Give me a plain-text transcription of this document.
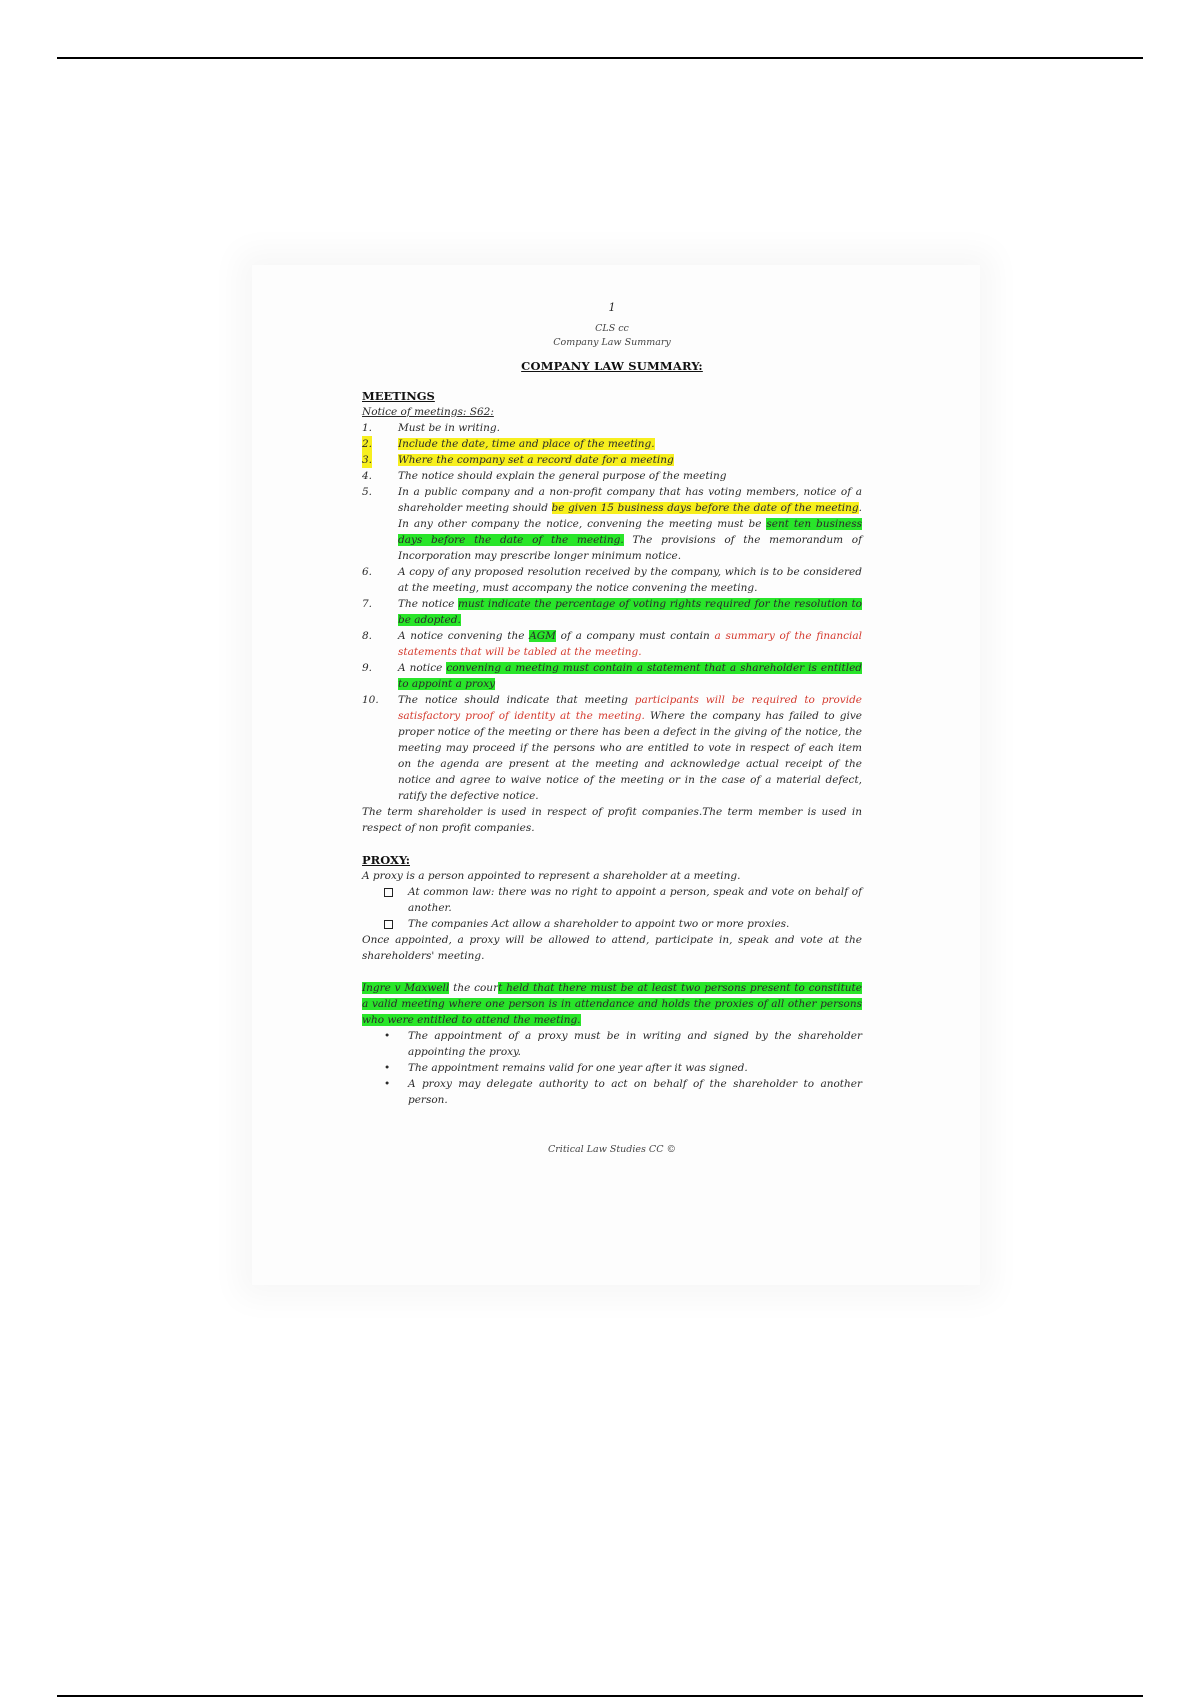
1
CLS cc
Company Law Summary
COMPANY LAW SUMMARY:
MEETINGS
Notice of meetings: S62:
1. Must be in writing.
2. Include the date, time and place of the meeting.
3. Where the company set a record date for a meeting
4. The notice should explain the general purpose of the meeting
5. In a public company and a non-profit company that has voting members, notice of a shareholder meeting should be given 15 business days before the date of the meeting. In any other company the notice, convening the meeting must be sent ten business days before the date of the meeting. The provisions of the memorandum of Incorporation may prescribe longer minimum notice.
6. A copy of any proposed resolution received by the company, which is to be considered at the meeting, must accompany the notice convening the meeting.
7. The notice must indicate the percentage of voting rights required for the resolution to be adopted.
8. A notice convening the AGM of a company must contain a summary of the financial statements that will be tabled at the meeting.
9. A notice convening a meeting must contain a statement that a shareholder is entitled to appoint a proxy
10. The notice should indicate that meeting participants will be required to provide satisfactory proof of identity at the meeting. Where the company has failed to give proper notice of the meeting or there has been a defect in the giving of the notice, the meeting may proceed if the persons who are entitled to vote in respect of each item on the agenda are present at the meeting and acknowledge actual receipt of the notice and agree to waive notice of the meeting or in the case of a material defect, ratify the defective notice.
The term shareholder is used in respect of profit companies.The term member is used in respect of non profit companies.
PROXY:
A proxy is a person appointed to represent a shareholder at a meeting.
At common law: there was no right to appoint a person, speak and vote on behalf of another.
The companies Act allow a shareholder to appoint two or more proxies.
Once appointed, a proxy will be allowed to attend, participate in, speak and vote at the shareholders' meeting.
Ingre v Maxwell the court held that there must be at least two persons present to constitute a valid meeting where one person is in attendance and holds the proxies of all other persons who were entitled to attend the meeting.
• The appointment of a proxy must be in writing and signed by the shareholder appointing the proxy.
• The appointment remains valid for one year after it was signed.
• A proxy may delegate authority to act on behalf of the shareholder to another person.
Critical Law Studies CC ©
